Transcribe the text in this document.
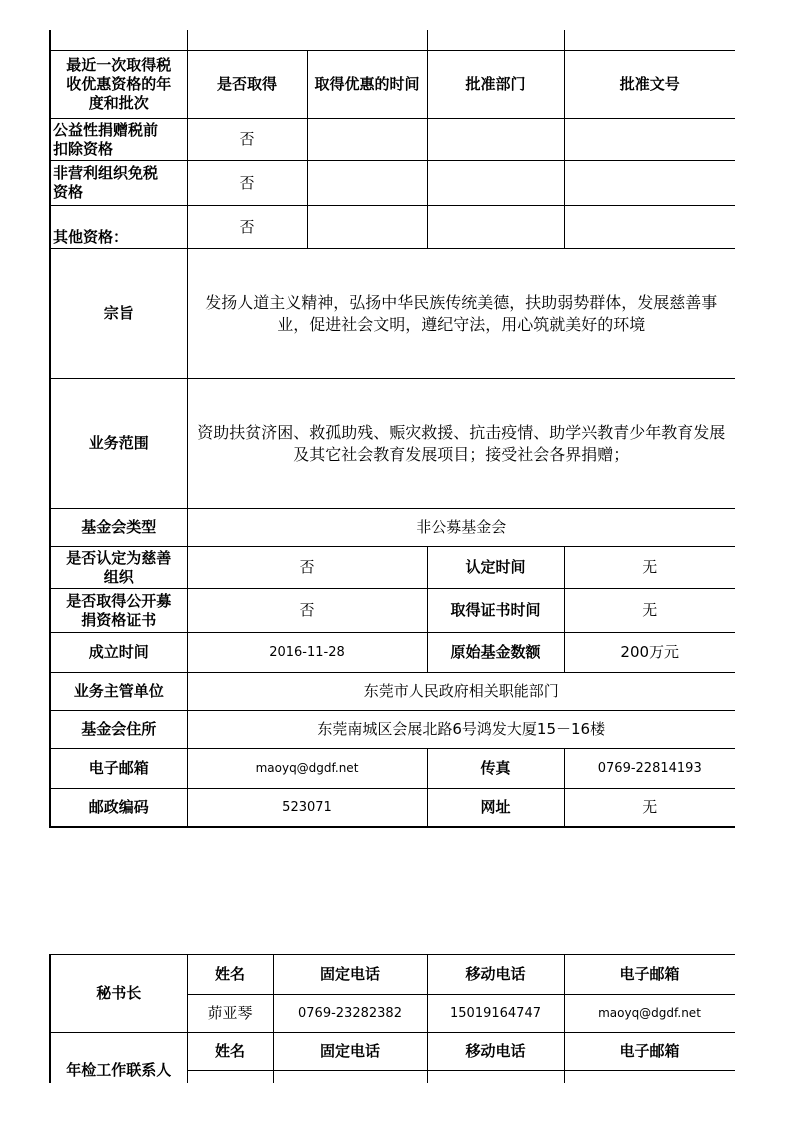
最近一次取得税收优惠资格的年度和批次	是否取得	取得优惠的时间	批准部门	批准文号
公益性捐赠税前扣除资格	否			
非营利组织免税资格	否			
其他资格：	否			
宗旨	发扬人道主义精神，弘扬中华民族传统美德，扶助弱势群体，发展慈善事业，促进社会文明，遵纪守法，用心筑就美好的环境			
业务范围	资助扶贫济困、救孤助残、赈灾救援、抗击疫情、助学兴教青少年教育发展及其它社会教育发展项目；接受社会各界捐赠；			
基金会类型	非公募基金会			
是否认定为慈善组织	否		认定时间	无
是否取得公开募捐资格证书	否		取得证书时间	无
成立时间	2016-11-28		原始基金数额	200万元
业务主管单位	东莞市人民政府相关职能部门			
基金会住所	东莞南城区会展北路6号鸿发大厦15－16楼			
电子邮箱	maoyq@dgdf.net		传真	0769-22814193
邮政编码	523071		网址	无
秘书长	姓名	固定电话	移动电话	电子邮箱
	茆亚琴	0769-23282382	15019164747	maoyq@dgdf.net
年检工作联系人	姓名	固定电话	移动电话	电子邮箱
